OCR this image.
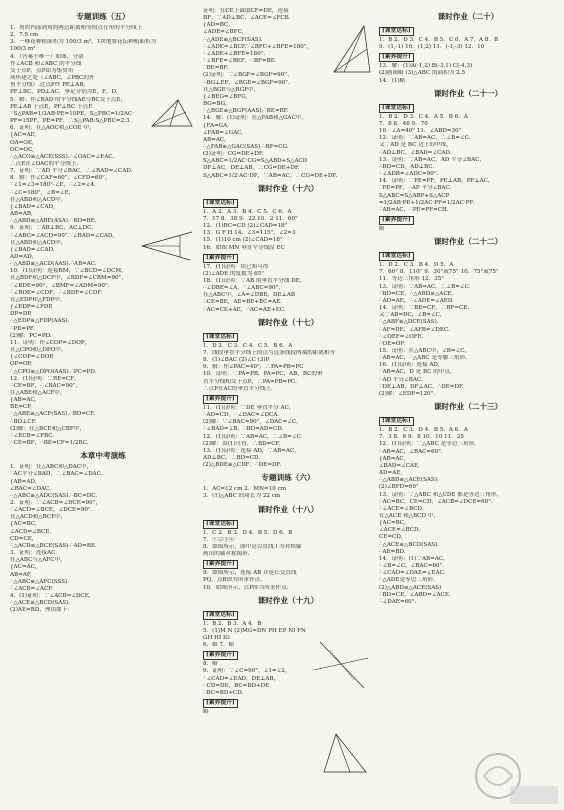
专题训练（五）
1．角的内部到角的两边距离相等的点在角的平分线上
2．7.5 cm
3．一株花种植面积为 100/3 m²，1块地要花坛种植面积为
100/3 m²
4．（答案不唯一）如图，分别
作∠ACB 和∠ABC 的平分线
交于点P，点P即为集贸市
场所建之处（∠ABC，∠PBC的外
角平分线）.过点P作 PE⊥AB，
PF⊥BC，PD⊥AC，垂足分别为E，F，D.
5．解：作∠BAD 的平分线AE与BC交于点E，
PE⊥AB 于点E，PF⊥BC 于点F.
∵S△PAB=1/2AB·PE=10PE，S△PBC=1/2AC·
PF=15PF，PE=PF，∴S△PAB:S△PBC=2:3.
6．证明：在△AOC和△COE 中，
{AC=AE,
OA=OE,
OC=OC,
∴△ACO≌△ACE(SSS).∴∠OAC=∠EAC.
∴点E在∠OAC的平分线上.
7．证明：∵AD 平分∠BAC，∴∠BAD=∠CAD.
8．解：作∠CAF=60°，∠CFD=60°，
∵∠1=∠3=180°-∠E，∴∠2=∠4.
∴∠C=180°，∠B=∠E，
在△ABD和△ACD中，
{∠BAD=∠CAD,
AB=AB,
∴△ABD≌△ABE(ASA).∴BD=BE.
9．证明：∵AB⊥BC，AC⊥DC，
∴∠ABC=∠ACD=90°.∵∠BAD=∠CAD，
在△ABD和△ACD中，
{∠BAD=∠CAD,
AD=AD,
∴△ABD≌△ACD(AAS).∴AB=AC.
10．(1)证明：连接BM，∵∠BCD=∠DCM，
在△BDF和△DCF中，∠BDF=∠CBM=90°，
∴∠BDE=90°，∠BMF=∠ADM=90°.
∴∠BDE=∠CDF，∴∠BDF=∠CDF.
在△EDP和△FDP中，
{∠EDP=∠FDP,
DP=DP,
∴△EDP≌△FDP(AAS).
∴PE=PF.
(2)解：PC=PD.
11．证明：作∠COP=∠DOP，
在△CPO和△DPO中，
{∠COP=∠DOP,
OP=OP,
∴△CPO≌△DPO(AAS).∴PC=PD.
12．(1)证明：∵BE=CF，
∴CE=BF，∴∠BAC=90°，
在△ABE和△ACF中，
{AB=AC,
BE=CF,
∴△ABE≌△ACF(SAS).∴BD=CF.
∴BD⊥CF.
(2)解：在△BCE和△CBF中，
∴∠ECB=∠FBC.
∴CE=BF，∴BE=CF=1/2BC.
本章中考演练
1．证明：在△ABC和△DAC中，
∵AC平分∠BAD，∴∠BAC=∠DAC.
{AB=AD,
∠BAC=∠DAC,
∴△ABC≌△ADC(SAS).∴BC=DC.
2．证明：∵∠ACB=∠DCE=90°，
∴∠ACD=∠BCE，∠DCE=90°.
在△ACD和△BCE中，
{AC=BC,
∠ACD=∠BCE,
CD=CE,
∴△ACD≌△BCE(SAS).∴AD=BE.
3．证明：连接AC.
在△ABC与△AFC中，
{AC=AC,
AB=AF,
∴△ABC≌△AFC(SSS).
∴∠ACB=∠ACF.
4．(1)证明：∵∠ACB=∠DCE，
∴△ACE≌△BCD(SAS).
(2)AE=BD，理由如下：
证明：在CE上截取CF=DE，连接
BF，∵AD⊥BC，∠ACE=∠FCB.
{AD=BC,
∠ADE=∠BFC,
∴△ADE≌△BCF(SAS).
∴∠ADE=∠BCF.∵∠BFC+∠BFE=180°，
∴∠ADE+∠BFE=180°.
∵∠BFE=∠BEF，∴BF=BE.
∴BE=BF.
(2)证明：∵∠BGF=∠BGF=90°，
∴BG⊥EF，∠BGE=∠BGF=90°.
在△BGE与△BGF中，
{∠BEG=∠BFG,
BG=BG,
∴△BGE≌△BGF(AAS).∴BE=BF.
14．解：(1)证明：在△FAB和△GAC中，
{FA=GA,
∠FAB=∠GAC,
AB=AC,
∴△FAB≌△GAC(SAS).∴BF=CG.
(2)证明：CG=DE+DF.
S△ABC=1/2AC·CG=S△ABD+S△ACD
DF⊥AC，DE⊥AB，∴CG=DE+DF.
S△ABC=1/2·AC·DF，∵AB=AC，∴CG=DE+DF.
课时作业（十六）
[课堂达标]

1．A 2．A 3．B 4．C 5．C 6．A
7．17 8．38 9．22 10．2 11．60°
12．(1)BC=CD (2)∠CAD=18°
13．G F H 14．∠3=115°，∠2=3
15．(1)10 cm (2)∠CAD=18°
16．如图 MN 垂直平分线段 EC
[素养提升]

17．(1)证明：由已知可得
(2)∠ADE 的度数为 65°
18．(1)证明：∵AB 的垂直平分线 DE，
∴∠DBE=∠A，∵∠ABC=90°，
在△ABC中，∠A=∠DBE，DE⊥AB
∴CE=BE，AE=BE+EC=AE.
∴AC=CE+AE，∴AC=AE+EC.
课时作业（十七）
[课堂达标]

1．D 2．C 3．C 4．C 5．B 6．A
7．线段垂直平分线上的点与这条线段两端的距离相等
8．(1)∠BAC (2)∠C (3)P
9．解：作∠PAC=40°，∴PA=PB=PC
10．证明：∵PA=PB，PA=PC，AB，BC的垂
直平分线相交于点P，∴PA=PB=PC.
∴点P在AC的垂直平分线上.
[素养提升]

11．(1)证明：∵DE 垂直平分 AC，
∴AD=CD，∴∠DAC=∠DCA.
(2)解：∵∠BAC=90°，∠DAC=∠C，
∴∠BAD=∠B，∴BD=AD=CD.
12．(1)证明：∵AB=AC，∴∠B=∠C.
(2)解：由(1)可得，∴BD=CF.
13．(1)证明：连接 AD，∵AB=AC，
AD⊥BC，∴BD=CD.
(2)△BDE≌△CDF，∴DE=DF.
专题训练（六）
1．AC=12 cm 2．MN=10 cm
3．(1)△ABC 的周长为 22 cm
课时作业（十八）
[课堂达标]

1．C 2．B 3．D 4．B 5．D 6．B
7．①②③④
8．如图所示，图中是以直线 l 为对称轴
画出的轴对称图形.
[素养提升]

9．如图所示，连接 AB 并延长交直线
PQ，点B即为所求作点.
10．如图所示，点P即为所求作点.
课时作业（十九）
[课堂达标]

1．B 2．B 3．A 4．B
5．(1)M N (2)MG=DN PH EP NI FN
GH HI IG
6．略 7．略
[素养提升]

8．略
9．证明：∵∠C=90°，∠1=∠2，
∴∠CAD=∠EAD，DE⊥AB，
∴CD=DE，BC=BD+DE
∴BC=BD+CD.
[素养提升]

略
课时作业（二十）
[课堂达标]

1．B 2．D 3．C 4．B 5．C 6．A 7．A 8．B
9．(1,-1) 10．(1,2) 11．(-1,-3) 12．10
[素养提升]

13．解：(1)A(-1,2) B(-3,1) C(-4,3)
(2)画图略 (3)△ABC 的面积为 2.5
14．(1)略
课时作业（二十一）
[课堂达标]

1．B 2．D 3．C 4．A 5．B 6．A
7．8 8．46 9．70
10．∠A=40° 11．∠ABD=30°
12．证明：∵AB=AC，∴∠B=∠C.
又∵AD 是 BC 边上的中线，
∴AD⊥BC，∠BAD=∠CAD.
13．证明：∵AB=AC，AD 平分∠BAC，
∴BD=CD，AD⊥BC.
∴∠ADB=∠ADC=90°.
14．证明：∵PE=PF，PE⊥AB，PF⊥AC，
∴PE=PF，∴AP 平分∠BAC.
S△ABC=S△ABP+S△ACP
=1/2AB·PE+1/2AC·PF=1/2AC·PF.
∵AB=AC，∴PE=PF=CH.
[素养提升]

略
课时作业（二十二）
[课堂达标]

1．D 2．C 3．B 4．D 5．A
7．60° 8．110° 9．30°或75° 10．75°或75°
11．等边三角形 12．35°
13．证明：∵AB=AC，∴∠B=∠C.
∵BD=CE，∴△ABD≌△ACE.
∴AD=AE，∴∠ADE=∠AED.
14．证明：∵BE=CF，∴BF=CE.
又∵AB=DC，∠B=∠C，
∴△ABF≌△DCE(SAS).
∴AF=DE，∠AFB=∠DEC.
∴∠OEF=∠OFE.
∴OE=OF.
15．证明：在△ABC中，∠B=∠C，
∴AB=AC，∴△ABC 是等腰三角形.
16．(1)证明：连接 AD，
∵AB=AC，D 是 BC 的中点，
∴AD 平分∠BAC.
∵DE⊥AB，DF⊥AC，∴DE=DF.
(2)解：∠EDF=120°.
课时作业（二十三）
[课堂达标]

1．B 2．C 3．D 4．B 5．A 6．A
7．3 8．6 9．8 10．10 11．25
12．(1)证明：∵△ABC 是等边三角形，
∴AB=AC，∠BAC=60°.
{AB=AC,
∠BAD=∠CAE,
AD=AE,
∴△ABD≌△ACE(SAS).
(2)∠BFD=60°
13．证明：∵△ABC 和△CDE 都是等边三角形，
∴AC=BC，CE=CD，∠ACB=∠DCE=60°.
∴∠ACE=∠BCD.
在△ACE 和△BCD 中，
{AC=BC,
∠ACE=∠BCD,
CE=CD,
∴△ACE≌△BCD(SAS).
∴AE=BD.
14．证明：(1)∵AB=AC，
∴∠B=∠C，∠BAC=60°.
∴∠CAD=∠DAE=∠EAC.
∴△ADE是等边三角形.
(2)△ABD≌△ACE(SAS)
∴BD=CE，∠ABD=∠ACE.
∴∠DAE=60°.
